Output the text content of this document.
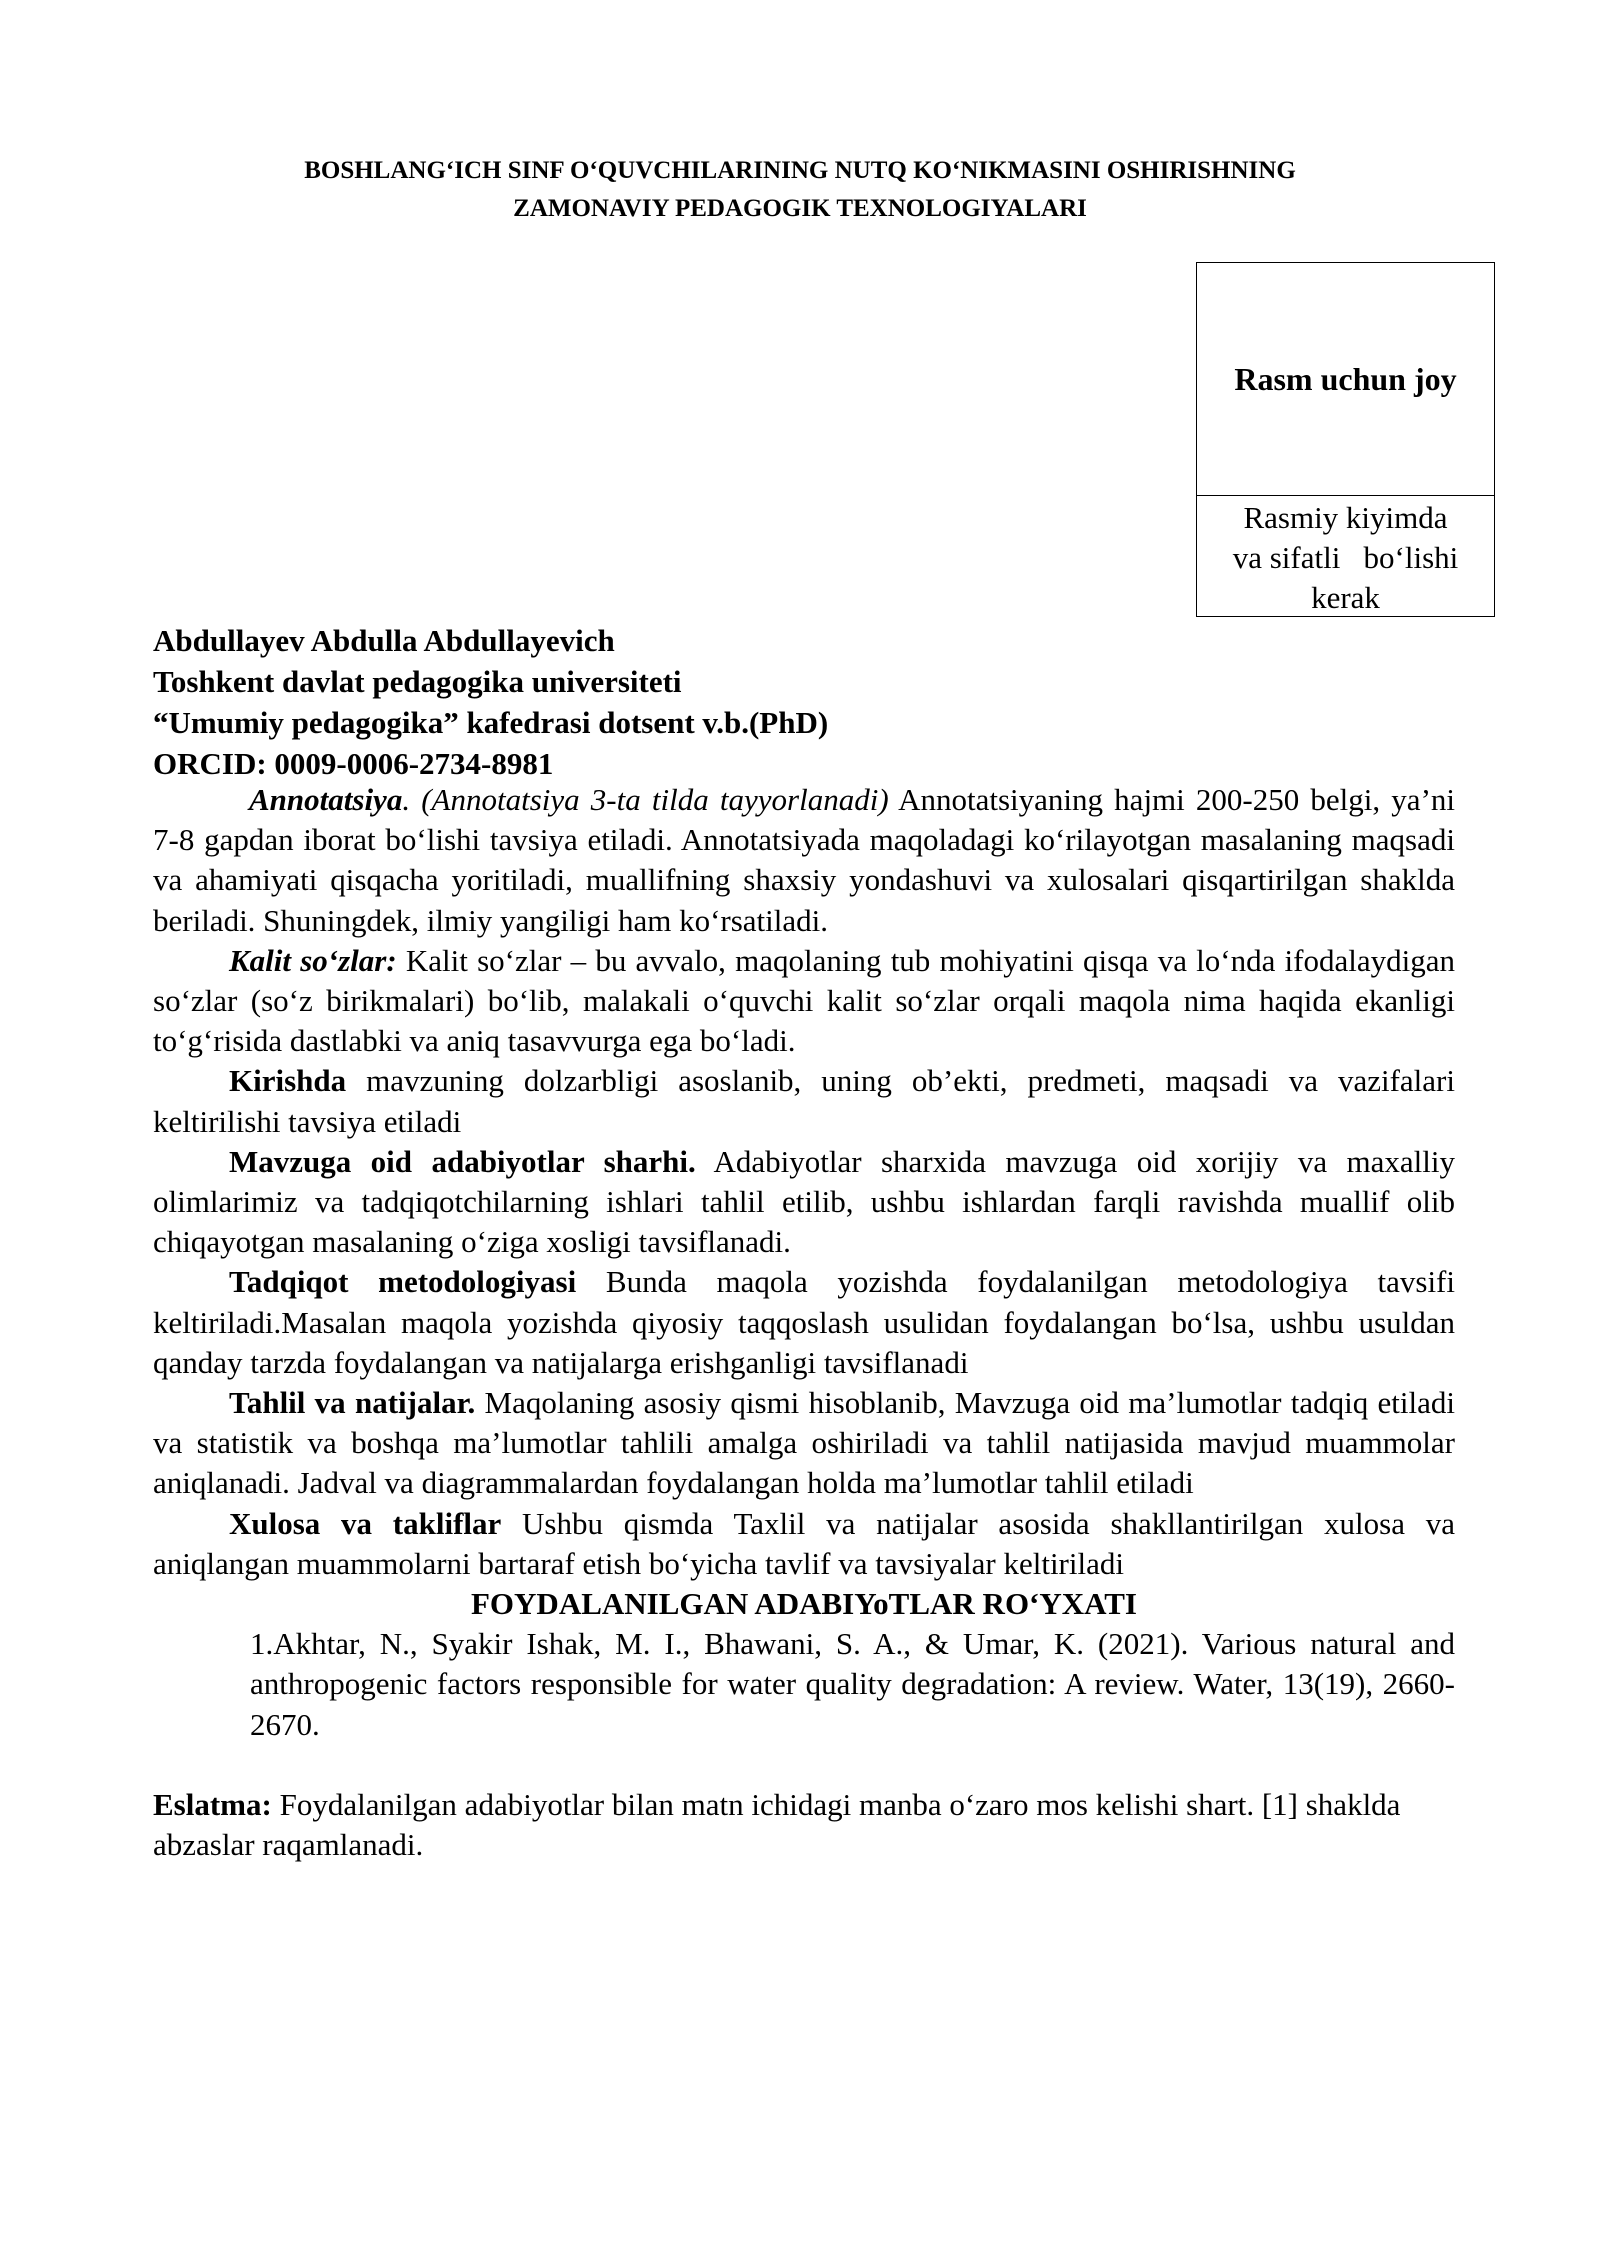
BOSHLANG‘ICH SINF O‘QUVCHILARINING NUTQ KO‘NIKMASINI OSHIRISHNING
ZAMONAVIY PEDAGOGIK TEXNOLOGIYALARI
Rasm uchun joy
Rasmiy kiyimda
va sifatli   bo‘lishi
kerak
Abdullayev Abdulla Abdullayevich
Toshkent davlat pedagogika universiteti
“Umumiy pedagogika” kafedrasi dotsent v.b.(PhD)
ORCID: 0009-0006-2734-8981

Annotatsiya. (Annotatsiya 3-ta tilda tayyorlanadi) Annotatsiyaning hajmi 200-250 belgi, ya’ni 7-8 gapdan iborat bo‘lishi tavsiya etiladi. Annotatsiyada maqoladagi ko‘rilayotgan masalaning maqsadi va ahamiyati qisqacha yoritiladi, muallifning shaxsiy yondashuvi va xulosalari qisqartirilgan shaklda beriladi. Shuningdek, ilmiy yangiligi ham ko‘rsatiladi.

Kalit so‘zlar: Kalit so‘zlar – bu avvalo, maqolaning tub mohiyatini qisqa va lo‘nda ifodalaydigan so‘zlar (so‘z birikmalari) bo‘lib, malakali o‘quvchi kalit so‘zlar orqali maqola nima haqida ekanligi to‘g‘risida dastlabki va aniq tasavvurga ega bo‘ladi.

Kirishda mavzuning dolzarbligi asoslanib, uning ob’ekti, predmeti, maqsadi va vazifalari keltirilishi tavsiya etiladi

Mavzuga oid adabiyotlar sharhi. Adabiyotlar sharxida mavzuga oid xorijiy va maxalliy olimlarimiz va tadqiqotchilarning ishlari tahlil etilib, ushbu ishlardan farqli ravishda muallif olib chiqayotgan masalaning o‘ziga xosligi tavsiflanadi.

Tadqiqot metodologiyasi Bunda maqola yozishda foydalanilgan metodologiya tavsifi keltiriladi.Masalan maqola yozishda qiyosiy taqqoslash usulidan foydalangan bo‘lsa, ushbu usuldan qanday tarzda foydalangan va natijalarga erishganligi tavsiflanadi

Tahlil va natijalar. Maqolaning asosiy qismi hisoblanib, Mavzuga oid ma’lumotlar tadqiq etiladi va statistik va boshqa ma’lumotlar tahlili amalga oshiriladi va tahlil natijasida mavjud muammolar aniqlanadi. Jadval va diagrammalardan foydalangan holda ma’lumotlar tahlil etiladi

Xulosa va takliflar Ushbu qismda Taxlil va natijalar asosida shakllantirilgan xulosa va aniqlangan muammolarni bartaraf etish bo‘yicha tavlif va tavsiyalar keltiriladi

FOYDALANILGAN ADABIYoTLAR RO‘YXATI

1.Akhtar, N., Syakir Ishak, M. I., Bhawani, S. A., & Umar, K. (2021). Various natural and anthropogenic factors responsible for water quality degradation: A review. Water, 13(19), 2660-2670.

Eslatma: Foydalanilgan adabiyotlar bilan matn ichidagi manba o‘zaro mos kelishi shart. [1] shakldа abzaslar raqamlanadi.
